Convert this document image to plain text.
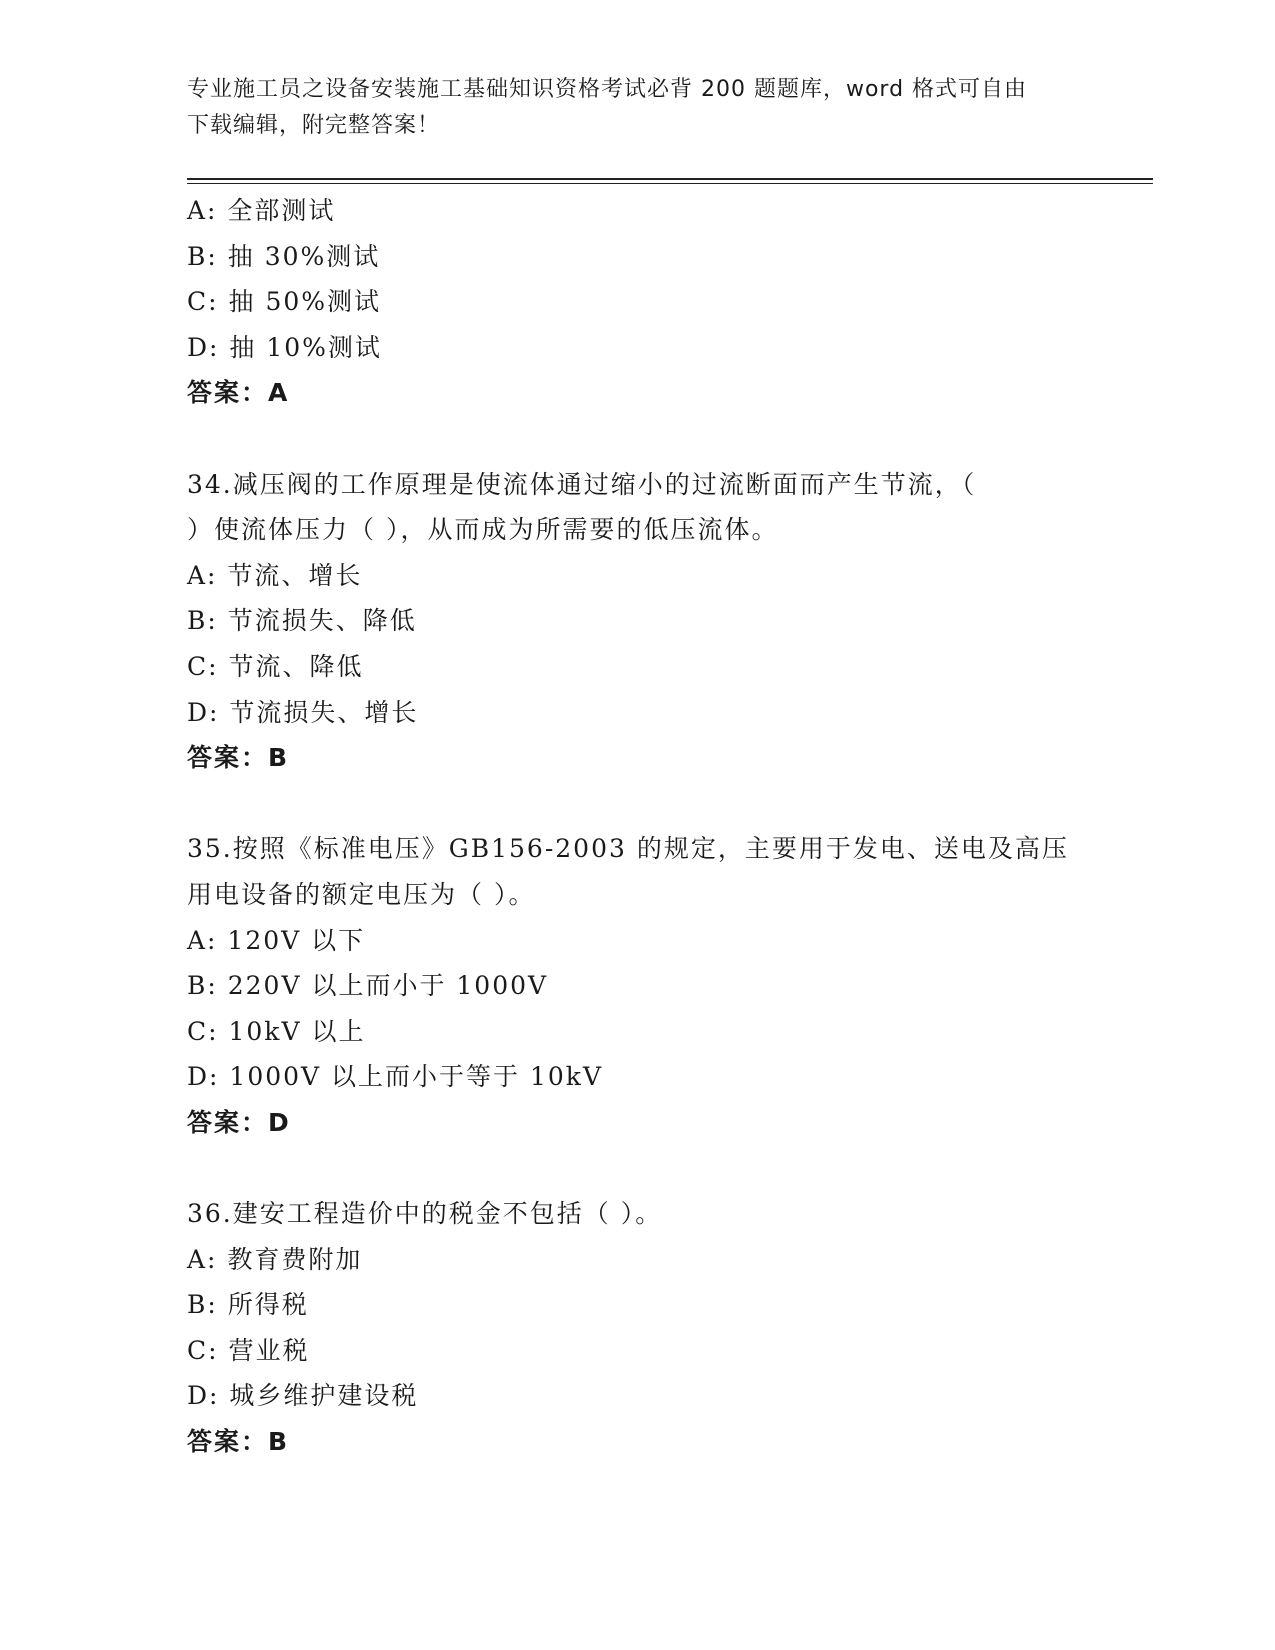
专业施工员之设备安装施工基础知识资格考试必背 200 题题库，word 格式可自由
下载编辑，附完整答案！
A: 全部测试
B: 抽 30%测试
C: 抽 50%测试
D: 抽 10%测试
答案：A
34.减压阀的工作原理是使流体通过缩小的过流断面而产生节流，（
）使流体压力（ ），从而成为所需要的低压流体。
A: 节流、增长
B: 节流损失、降低
C: 节流、降低
D: 节流损失、增长
答案：B
35.按照《标准电压》GB156-2003 的规定，主要用于发电、送电及高压
用电设备的额定电压为（ ）。
A: 120V 以下
B: 220V 以上而小于 1000V
C: 10kV 以上
D: 1000V 以上而小于等于 10kV
答案：D
36.建安工程造价中的税金不包括（ ）。
A: 教育费附加
B: 所得税
C: 营业税
D: 城乡维护建设税
答案：B
